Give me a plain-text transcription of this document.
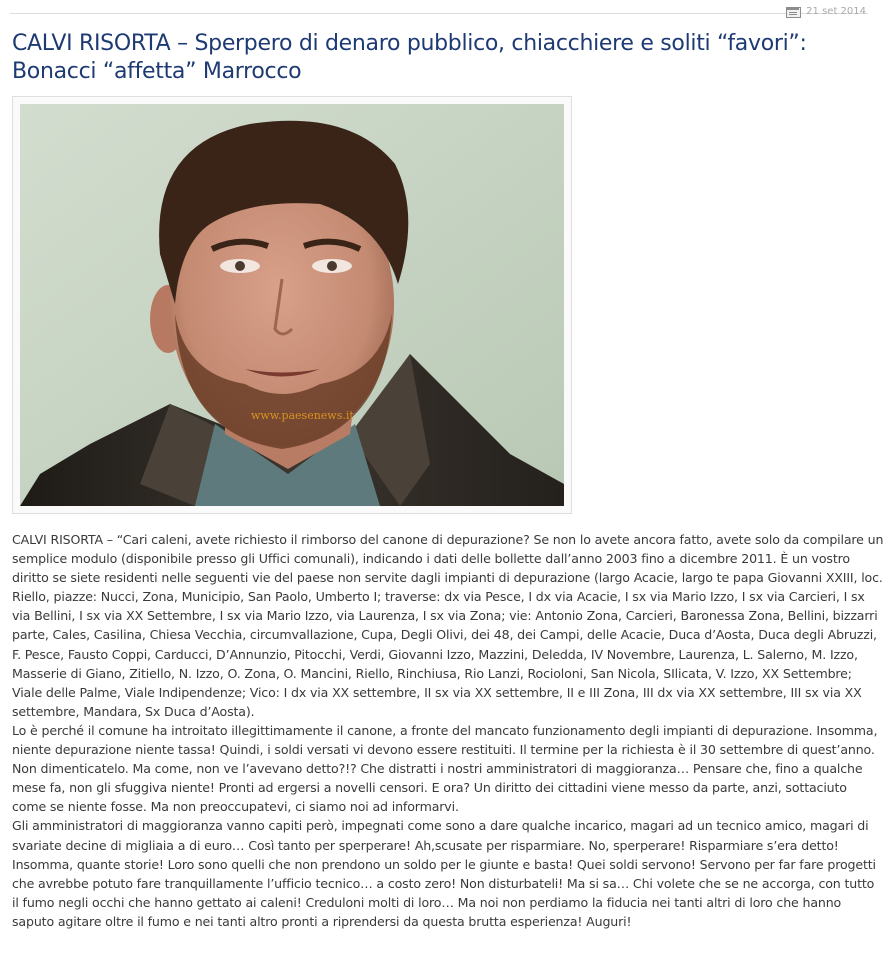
21 set 2014
CALVI RISORTA – Sperpero di denaro pubblico, chiacchiere e soliti “favori”: Bonacci “affetta” Marrocco
www.paesenews.it

CALVI RISORTA – “Cari caleni, avete richiesto il rimborso del canone di depurazione? Se non lo avete ancora fatto, avete solo da compilare un semplice modulo (disponibile presso gli Uffici comunali), indicando i dati delle bollette dall’anno 2003 fino a dicembre 2011. È un vostro diritto se siete residenti nelle seguenti vie del paese non servite dagli impianti di depurazione (largo Acacie, largo te papa Giovanni XXIII, loc. Riello, piazze: Nucci, Zona, Municipio, San Paolo, Umberto I; traverse: dx via Pesce, I dx via Acacie, I sx via Mario Izzo, I sx via Carcieri, I sx via Bellini, I sx via XX Settembre, I sx via Mario Izzo, via Laurenza, I sx via Zona; vie: Antonio Zona, Carcieri, Baronessa Zona, Bellini, bizzarri parte, Cales, Casilina, Chiesa Vecchia, circumvallazione, Cupa, Degli Olivi, dei 48, dei Campi, delle Acacie, Duca d’Aosta, Duca degli Abruzzi, F. Pesce, Fausto Coppi, Carducci, D’Annunzio, Pitocchi, Verdi, Giovanni Izzo, Mazzini, Deledda, IV Novembre, Laurenza, L. Salerno, M. Izzo, Masserie di Giano, Zitiello, N. Izzo, O. Zona, O. Mancini, Riello, Rinchiusa, Rio Lanzi, Rocioloni, San Nicola, SIlicata, V. Izzo, XX Settembre; Viale delle Palme, Viale Indipendenze; Vico: I dx via XX settembre, II sx via XX settembre, II e III Zona, III dx via XX settembre, III sx via XX settembre, Mandara, Sx Duca d’Aosta).

Lo è perché il comune ha introitato illegittimamente il canone, a fronte del mancato funzionamento degli impianti di depurazione. Insomma, niente depurazione niente tassa! Quindi, i soldi versati vi devono essere restituiti. Il termine per la richiesta è il 30 settembre di quest’anno. Non dimenticatelo. Ma come, non ve l’avevano detto?!? Che distratti i nostri amministratori di maggioranza… Pensare che, fino a qualche mese fa, non gli sfuggiva niente! Pronti ad ergersi a novelli censori. E ora? Un diritto dei cittadini viene messo da parte, anzi, sottaciuto come se niente fosse. Ma non preoccupatevi, ci siamo noi ad informarvi.

Gli amministratori di maggioranza vanno capiti però, impegnati come sono a dare qualche incarico, magari ad un tecnico amico, magari di svariate decine di migliaia a di euro… Così tanto per sperperare! Ah,scusate per risparmiare. No, sperperare! Risparmiare s’era detto! Insomma, quante storie! Loro sono quelli che non prendono un soldo per le giunte e basta! Quei soldi servono! Servono per far fare progetti che avrebbe potuto fare tranquillamente l’ufficio tecnico… a costo zero! Non disturbateli! Ma si sa… Chi volete che se ne accorga, con tutto il fumo negli occhi che hanno gettato ai caleni! Creduloni molti di loro… Ma noi non perdiamo la fiducia nei tanti altri di loro che hanno saputo agitare oltre il fumo e nei tanti altro pronti a riprendersi da questa brutta esperienza! Auguri!
